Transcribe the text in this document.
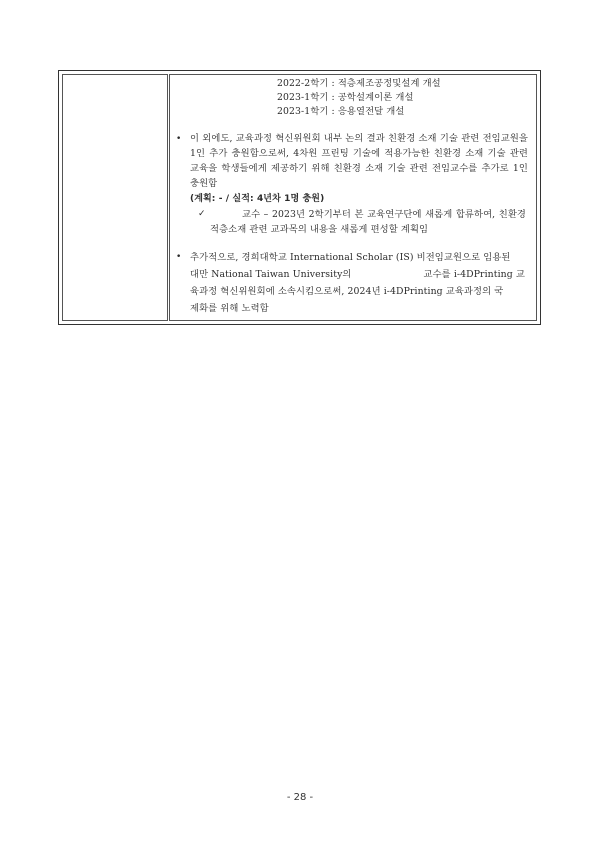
2022-2학기 : 적층제조공정및설계 개설
2023-1학기 : 공학설계이론 개설
2023-1학기 : 응용열전달 개설
• 이 외에도, 교육과정 혁신위원회 내부 논의 결과 친환경 소재 기술 관련 전임교원을 1인 추가 충원함으로써, 4차원 프린팅 기술에 적용가능한 친환경 소재 기술 관련 교육을 학생들에게 제공하기 위해 친환경 소재 기술 관련 전임교수를 추가로 1인 충원함
(계획: - / 실적: 4년차 1명 충원)
✓	교수 – 2023년 2학기부터 본 교육연구단에 새롭게 합류하여, 친환경적층소재 관련 교과목의 내용을 새롭게 편성할 계획임
• 추가적으로, 경희대학교 International Scholar (IS) 비전임교원으로 임용된
대만 National Taiwan University의	교수를 i-4DPrinting 교
육과정 혁신위원회에 소속시킴으로써, 2024년 i-4DPrinting 교육과정의 국
제화를 위해 노력함
- 28 -
